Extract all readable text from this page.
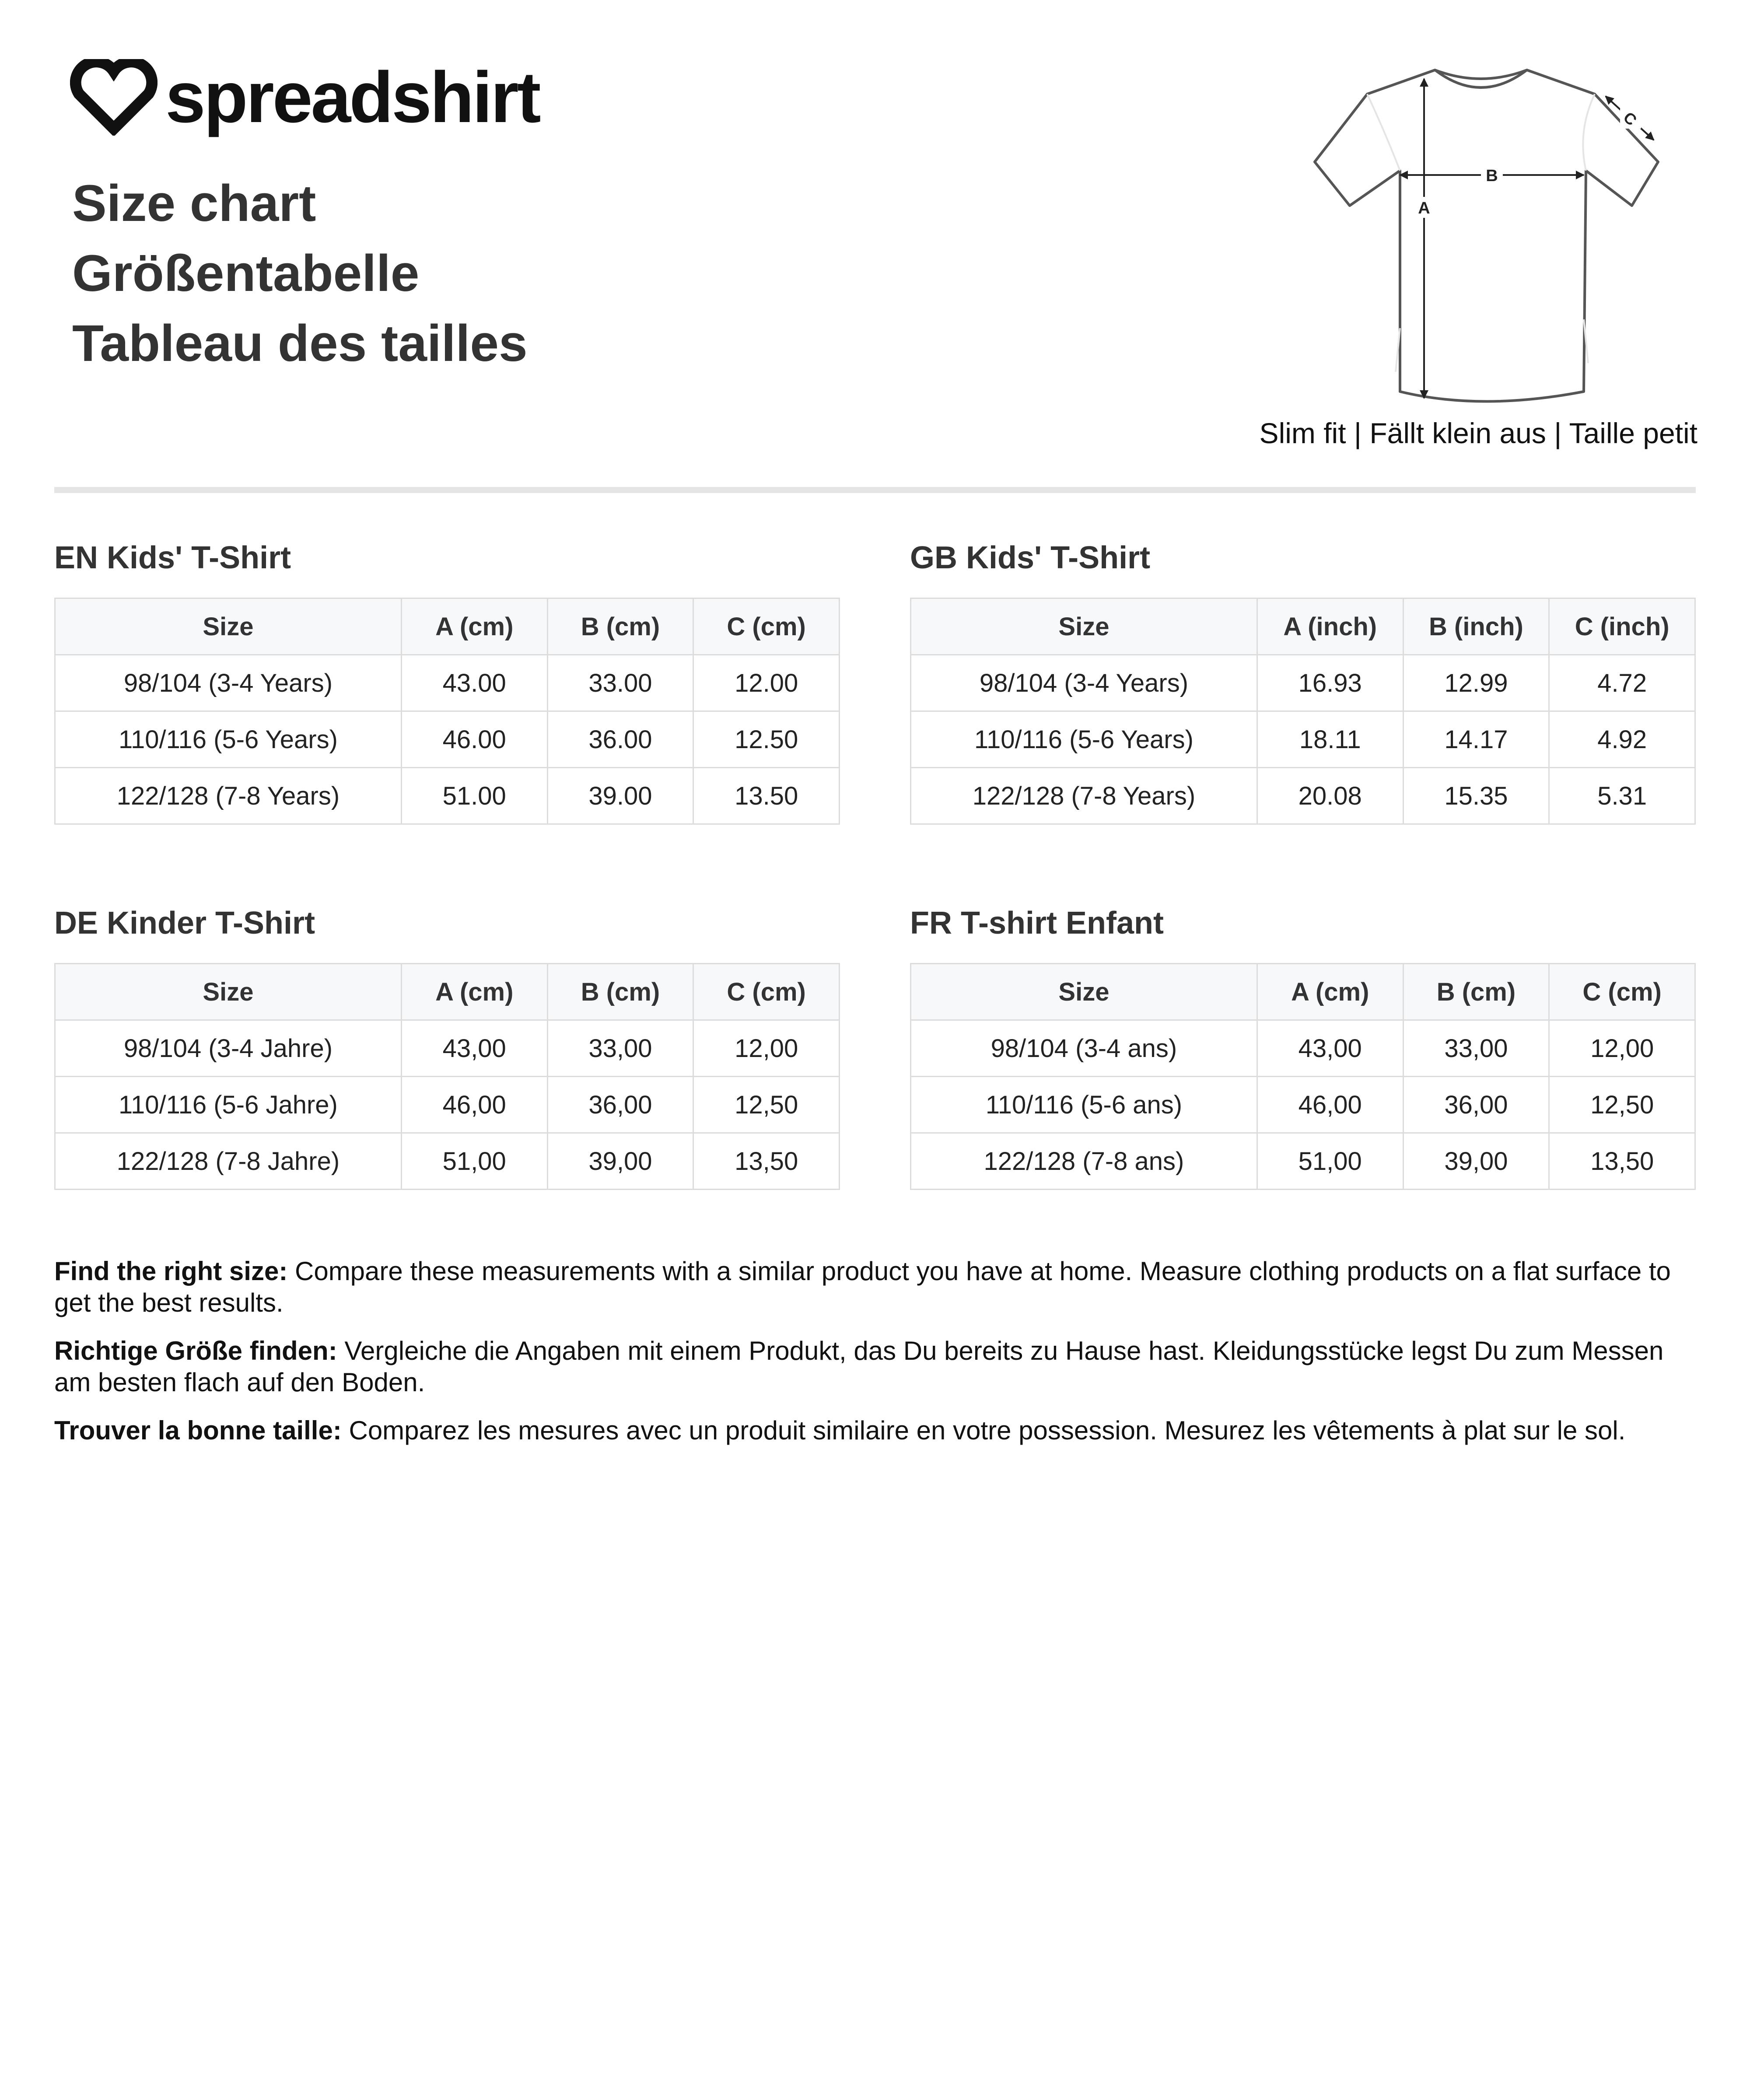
spreadshirt
Size chart
Größentabelle
Tableau des tailles
B
A
C
Slim fit | Fällt klein aus | Taille petit
EN Kids' T-Shirt
Size	A (cm)	B (cm)	C (cm)
98/104 (3-4 Years)	43.00	33.00	12.00
110/116 (5-6 Years)	46.00	36.00	12.50
122/128 (7-8 Years)	51.00	39.00	13.50
GB Kids' T-Shirt
Size	A (inch)	B (inch)	C (inch)
98/104 (3-4 Years)	16.93	12.99	4.72
110/116 (5-6 Years)	18.11	14.17	4.92
122/128 (7-8 Years)	20.08	15.35	5.31
DE Kinder T-Shirt
Size	A (cm)	B (cm)	C (cm)
98/104 (3-4 Jahre)	43,00	33,00	12,00
110/116 (5-6 Jahre)	46,00	36,00	12,50
122/128 (7-8 Jahre)	51,00	39,00	13,50
FR T-shirt Enfant
Size	A (cm)	B (cm)	C (cm)
98/104 (3-4 ans)	43,00	33,00	12,00
110/116 (5-6 ans)	46,00	36,00	12,50
122/128 (7-8 ans)	51,00	39,00	13,50

Find the right size: Compare these measurements with a similar product you have at home. Measure clothing products on a flat surface to get the best results.

Richtige Größe finden: Vergleiche die Angaben mit einem Produkt, das Du bereits zu Hause hast. Kleidungsstücke legst Du zum Messen am besten flach auf den Boden.

Trouver la bonne taille: Comparez les mesures avec un produit similaire en votre possession. Mesurez les vêtements à plat sur le sol.
